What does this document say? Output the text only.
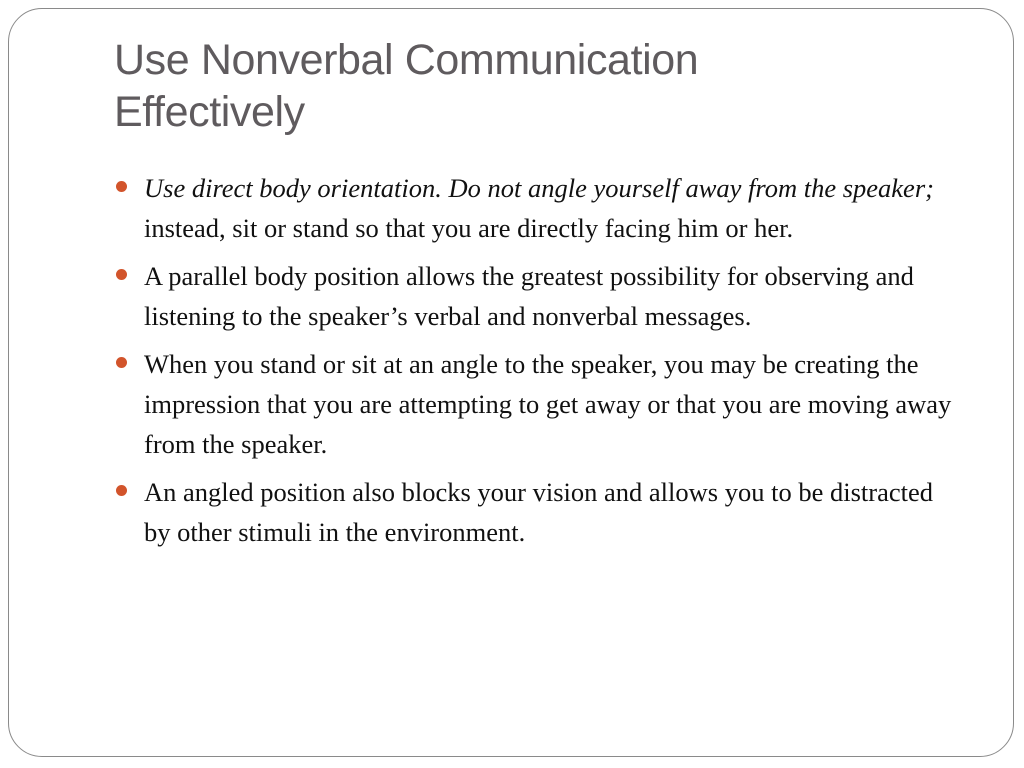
Use Nonverbal Communication
Effectively
Use direct body orientation. Do not angle yourself away from the speaker; instead, sit or stand so that you are directly facing him or her.
A parallel body position allows the greatest possibility for observing and listening to the speaker’s verbal and nonverbal messages.
When you stand or sit at an angle to the speaker, you may be creating the impression that you are attempting to get away or that you are moving away from the speaker.
An angled position also blocks your vision and allows you to be distracted by other stimuli in the environment.
